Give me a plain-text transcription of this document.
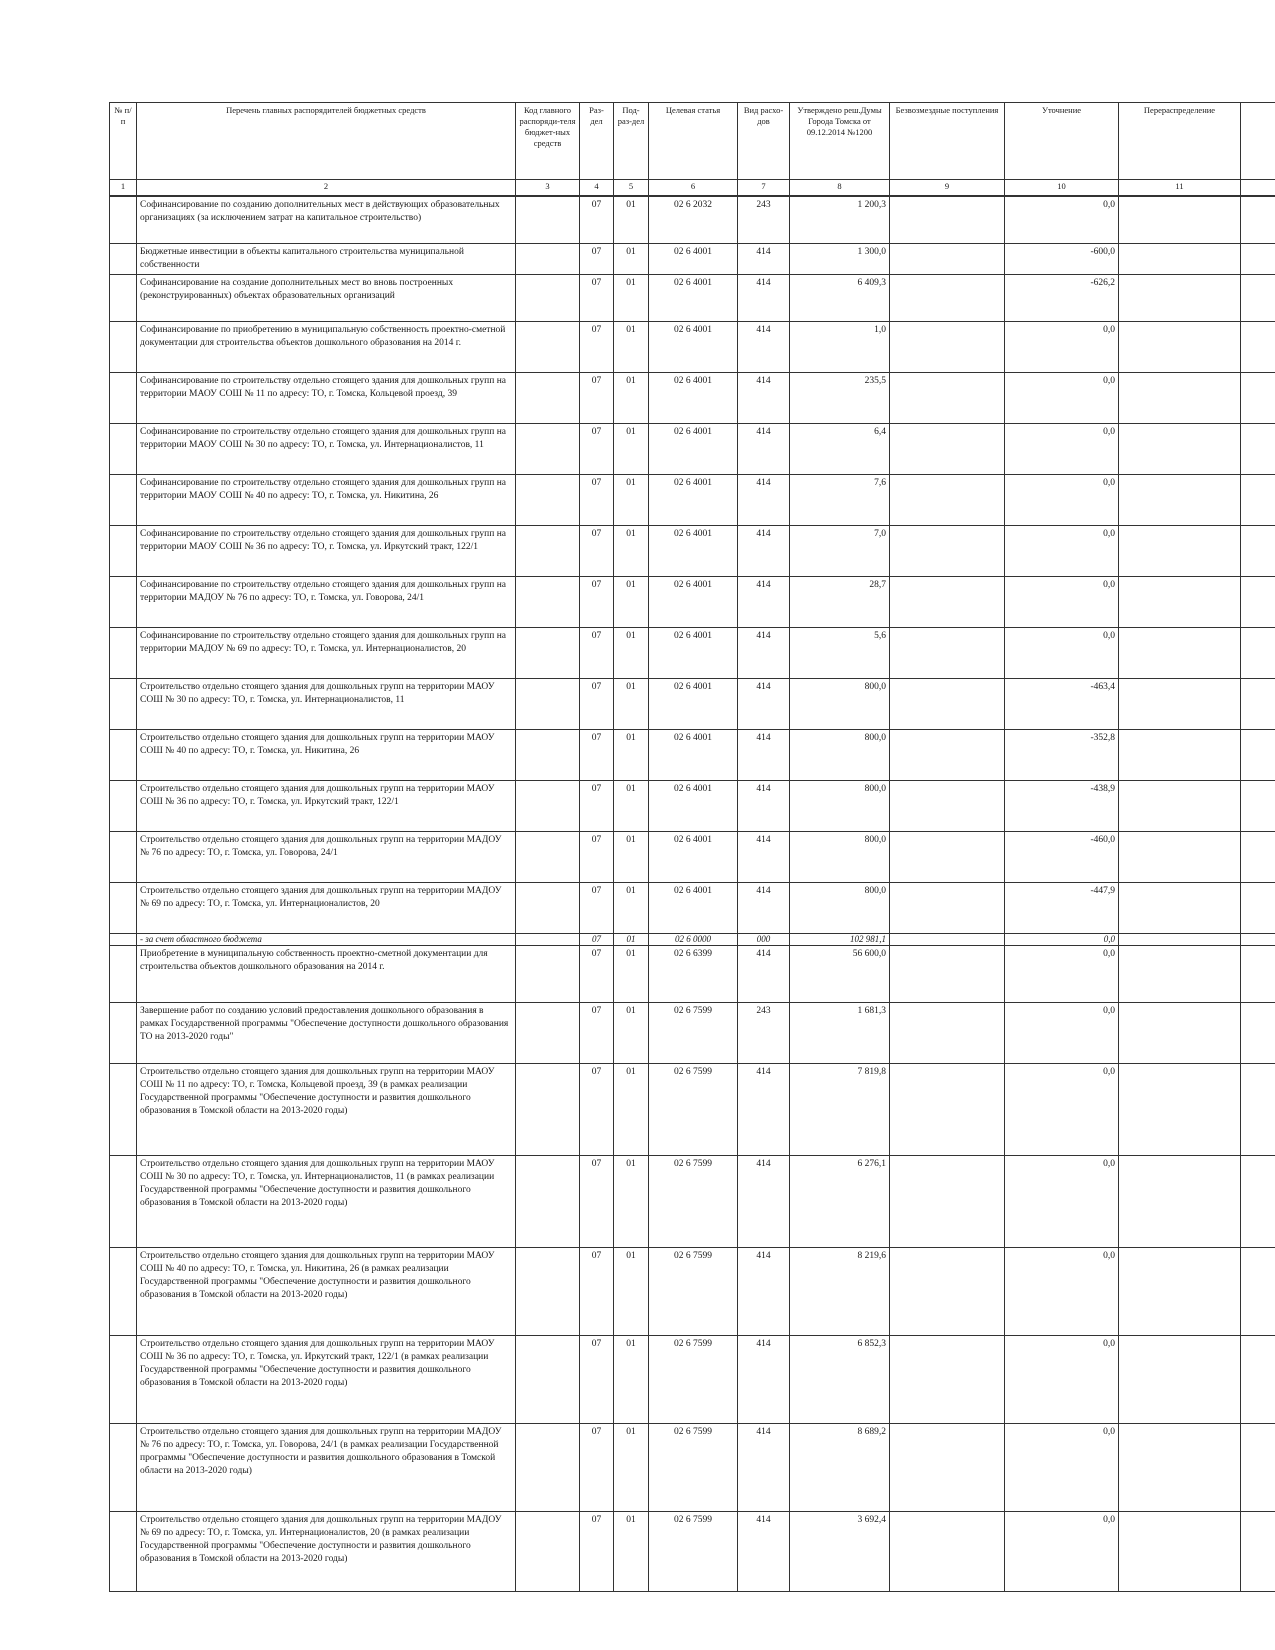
№ п/п	Перечень главных распорядителей бюджетных средств	Код главного распоряди-теля бюджет-ных средств	Раз-дел	Под-раз-дел	Целевая статья	Вид расхо-дов	Утверждено реш.Думы Города Томска от 09.12.2014 №1200	Безвозмездные поступления	Уточнение	Перераспределение	
1	2	3	4	5	6	7	8	9	10	11	
	Софинансирование по созданию дополнительных мест в действующих образовательных организациях (за исключением затрат на капитальное строительство)		07	01	02 6 2032	243	1 200,3		0,0		
	Бюджетные инвестиции в объекты капитального строительства муниципальной собственности		07	01	02 6 4001	414	1 300,0		-600,0		
	Софинансирование на создание дополнительных мест во вновь построенных (реконструированных) объектах образовательных организаций		07	01	02 6 4001	414	6 409,3		-626,2		
	Софинансирование по приобретению в муниципальную собственность проектно-сметной документации для строительства объектов дошкольного образования на 2014 г.		07	01	02 6 4001	414	1,0		0,0		
	Софинансирование по строительству отдельно стоящего здания для дошкольных групп на территории МАОУ СОШ № 11 по адресу: ТО, г. Томска, Кольцевой проезд, 39		07	01	02 6 4001	414	235,5		0,0		
	Софинансирование по строительству отдельно стоящего здания для дошкольных групп на территории МАОУ СОШ № 30 по адресу: ТО, г. Томска, ул. Интернационалистов, 11		07	01	02 6 4001	414	6,4		0,0		
	Софинансирование по строительству отдельно стоящего здания для дошкольных групп на территории МАОУ СОШ № 40 по адресу: ТО, г. Томска, ул. Никитина, 26		07	01	02 6 4001	414	7,6		0,0		
	Софинансирование по строительству отдельно стоящего здания для дошкольных групп на территории МАОУ СОШ № 36 по адресу: ТО, г. Томска, ул. Иркутский тракт, 122/1		07	01	02 6 4001	414	7,0		0,0		
	Софинансирование по строительству отдельно стоящего здания для дошкольных групп на территории МАДОУ № 76 по адресу: ТО, г. Томска, ул. Говорова, 24/1		07	01	02 6 4001	414	28,7		0,0		
	Софинансирование по строительству отдельно стоящего здания для дошкольных групп на территории МАДОУ № 69 по адресу: ТО, г. Томска, ул. Интернационалистов, 20		07	01	02 6 4001	414	5,6		0,0		
	Строительство отдельно стоящего здания для дошкольных групп на территории МАОУ СОШ № 30 по адресу: ТО, г. Томска, ул. Интернационалистов, 11		07	01	02 6 4001	414	800,0		-463,4		
	Строительство отдельно стоящего здания для дошкольных групп на территории МАОУ СОШ № 40 по адресу: ТО, г. Томска, ул. Никитина, 26		07	01	02 6 4001	414	800,0		-352,8		
	Строительство отдельно стоящего здания для дошкольных групп на территории МАОУ СОШ № 36 по адресу: ТО, г. Томска, ул. Иркутский тракт, 122/1		07	01	02 6 4001	414	800,0		-438,9		
	Строительство отдельно стоящего здания для дошкольных групп на территории МАДОУ № 76 по адресу: ТО, г. Томска, ул. Говорова, 24/1		07	01	02 6 4001	414	800,0		-460,0		
	Строительство отдельно стоящего здания для дошкольных групп на территории МАДОУ № 69 по адресу: ТО, г. Томска, ул. Интернационалистов, 20		07	01	02 6 4001	414	800,0		-447,9		
	- за счет областного бюджета		07	01	02 6 0000	000	102 981,1		0,0		
	Приобретение в муниципальную собственность проектно-сметной документации для строительства объектов дошкольного образования на 2014 г.		07	01	02 6 6399	414	56 600,0		0,0		
	Завершение работ по созданию условий предоставления дошкольного образования в рамках Государственной программы "Обеспечение доступности дошкольного образования ТО на 2013-2020 годы"		07	01	02 6 7599	243	1 681,3		0,0		
	Строительство отдельно стоящего здания для дошкольных групп на территории МАОУ СОШ № 11 по адресу: ТО, г. Томска, Кольцевой проезд, 39 (в рамках реализации Государственной программы "Обеспечение доступности и развития дошкольного образования в Томской области на 2013-2020 годы)		07	01	02 6 7599	414	7 819,8		0,0		
	Строительство отдельно стоящего здания для дошкольных групп на территории МАОУ СОШ № 30 по адресу: ТО, г. Томска, ул. Интернационалистов, 11 (в рамках реализации Государственной программы "Обеспечение доступности и развития дошкольного образования в Томской области на 2013-2020 годы)		07	01	02 6 7599	414	6 276,1		0,0		
	Строительство отдельно стоящего здания для дошкольных групп на территории МАОУ СОШ № 40 по адресу: ТО, г. Томска, ул. Никитина, 26 (в рамках реализации Государственной программы "Обеспечение доступности и развития дошкольного образования в Томской области на 2013-2020 годы)		07	01	02 6 7599	414	8 219,6		0,0		
	Строительство отдельно стоящего здания для дошкольных групп на территории МАОУ СОШ № 36 по адресу: ТО, г. Томска, ул. Иркутский тракт, 122/1 (в рамках реализации Государственной программы "Обеспечение доступности и развития дошкольного образования в Томской области на 2013-2020 годы)		07	01	02 6 7599	414	6 852,3		0,0		
	Строительство отдельно стоящего здания для дошкольных групп на территории МАДОУ № 76 по адресу: ТО, г. Томска, ул. Говорова, 24/1 (в рамках реализации Государственной программы "Обеспечение доступности и развития дошкольного образования в Томской области на 2013-2020 годы)		07	01	02 6 7599	414	8 689,2		0,0		
	Строительство отдельно стоящего здания для дошкольных групп на территории МАДОУ № 69 по адресу: ТО, г. Томска, ул. Интернационалистов, 20 (в рамках реализации Государственной программы "Обеспечение доступности и развития дошкольного образования в Томской области на 2013-2020 годы)		07	01	02 6 7599	414	3 692,4		0,0		
